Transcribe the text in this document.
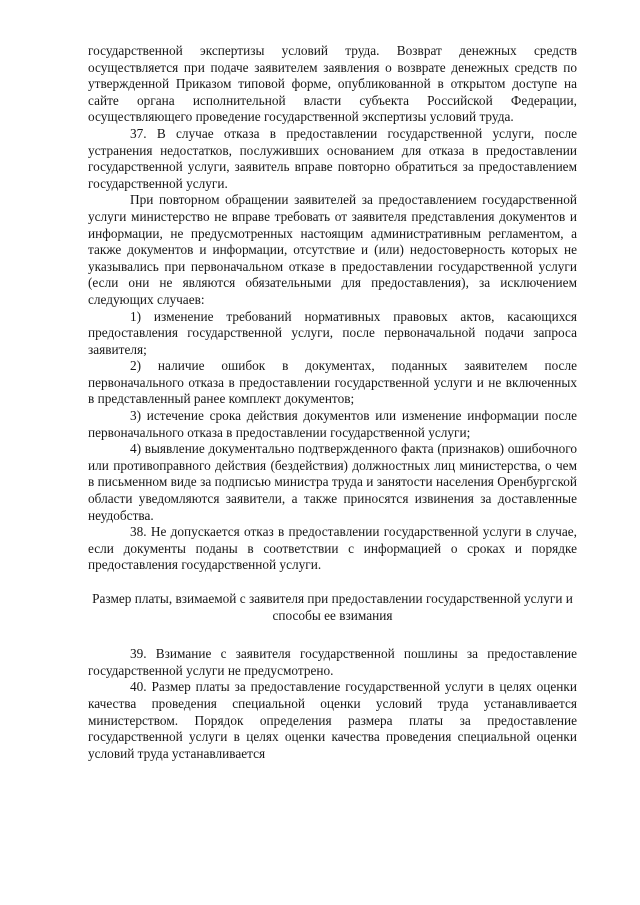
государственной экспертизы условий труда. Возврат денежных средств осуществляется при подаче заявителем заявления о возврате денежных средств по утвержденной Приказом типовой форме, опубликованной в открытом доступе на сайте органа исполнительной власти субъекта Российской Федерации, осуществляющего проведение государственной экспертизы условий труда.

37. В случае отказа в предоставлении государственной услуги, после устранения недостатков, послуживших основанием для отказа в предоставлении государственной услуги, заявитель вправе повторно обратиться за предоставлением государственной услуги.

При повторном обращении заявителей за предоставлением государственной услуги министерство не вправе требовать от заявителя представления документов и информации, не предусмотренных настоящим административным регламентом, а также документов и информации, отсутствие и (или) недостоверность которых не указывались при первоначальном отказе в предоставлении государственной услуги (если они не являются обязательными для предоставления), за исключением следующих случаев:

1) изменение требований нормативных правовых актов, касающихся предоставления государственной услуги, после первоначальной подачи запроса заявителя;

2) наличие ошибок в документах, поданных заявителем после первоначального отказа в предоставлении государственной услуги и не включенных в представленный ранее комплект документов;

3) истечение срока действия документов или изменение информации после первоначального отказа в предоставлении государственной услуги;

4) выявление документально подтвержденного факта (признаков) ошибочного или противоправного действия (бездействия) должностных лиц министерства, о чем в письменном виде за подписью министра труда и занятости населения Оренбургской области уведомляются заявители, а также приносятся извинения за доставленные неудобства.

38. Не допускается отказ в предоставлении государственной услуги в случае, если документы поданы в соответствии с информацией о сроках и порядке предоставления государственной услуги.

Размер платы, взимаемой с заявителя при предоставлении государственной услуги и способы ее взимания

39. Взимание с заявителя государственной пошлины за предоставление государственной услуги не предусмотрено.

40. Размер платы за предоставление государственной услуги в целях оценки качества проведения специальной оценки условий труда устанавливается министерством. Порядок определения размера платы за предоставление государственной услуги в целях оценки качества проведения специальной оценки условий труда устанавливается
